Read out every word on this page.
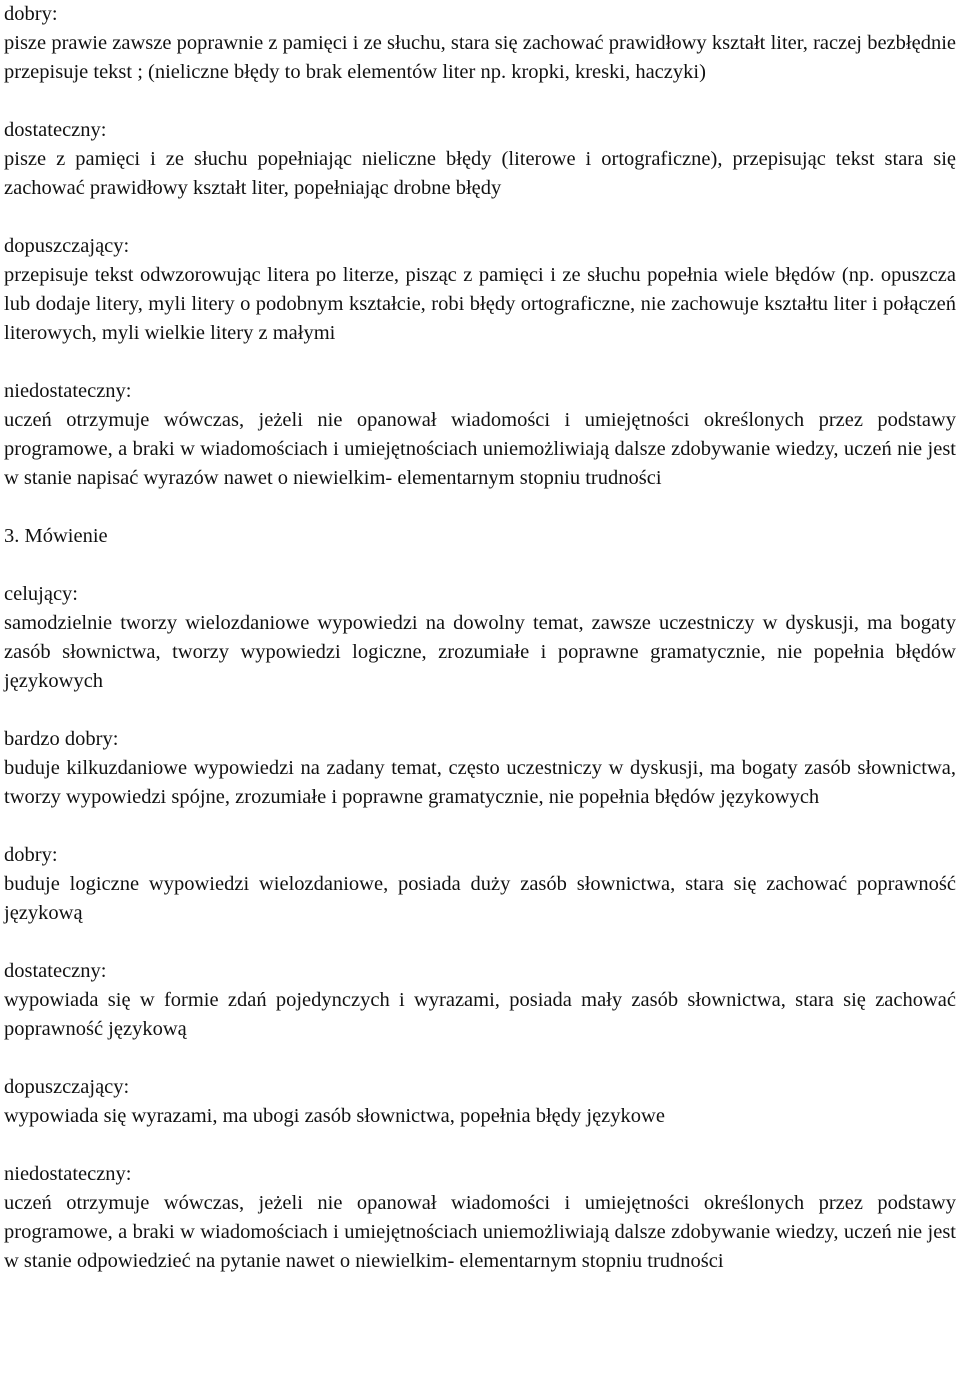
dobry:

pisze prawie zawsze poprawnie z pamięci i ze słuchu, stara się zachować prawidłowy kształt liter, raczej bezbłędnie przepisuje tekst ; (nieliczne błędy to brak elementów liter np. kropki, kreski, haczyki)

dostateczny:

pisze z pamięci i ze słuchu popełniając nieliczne błędy (literowe i ortograficzne), przepisując tekst stara się zachować prawidłowy kształt liter, popełniając drobne błędy

dopuszczający:

przepisuje tekst odwzorowując litera po literze, pisząc z pamięci i ze słuchu popełnia wiele błędów (np. opuszcza lub dodaje litery, myli litery o podobnym kształcie, robi błędy ortograficzne, nie zachowuje kształtu liter i połączeń literowych, myli wielkie litery z małymi

niedostateczny:

uczeń otrzymuje wówczas, jeżeli nie opanował wiadomości i umiejętności określonych przez podstawy programowe, a braki w wiadomościach i umiejętnościach uniemożliwiają dalsze zdobywanie wiedzy, uczeń nie jest w stanie napisać wyrazów nawet o niewielkim- elementarnym stopniu trudności

3. Mówienie

celujący:

samodzielnie tworzy wielozdaniowe wypowiedzi na dowolny temat, zawsze uczestniczy w dyskusji, ma bogaty zasób słownictwa, tworzy wypowiedzi logiczne, zrozumiałe i poprawne gramatycznie, nie popełnia błędów językowych

bardzo dobry:

buduje kilkuzdaniowe wypowiedzi na zadany temat, często uczestniczy w dyskusji, ma bogaty zasób słownictwa, tworzy wypowiedzi spójne, zrozumiałe i poprawne gramatycznie, nie popełnia błędów językowych

dobry:

buduje logiczne wypowiedzi wielozdaniowe, posiada duży zasób słownictwa, stara się zachować poprawność językową

dostateczny:

wypowiada się w formie zdań pojedynczych i wyrazami, posiada mały zasób słownictwa, stara się zachować poprawność językową

dopuszczający:

wypowiada się wyrazami, ma ubogi zasób słownictwa, popełnia błędy językowe

niedostateczny:

uczeń otrzymuje wówczas, jeżeli nie opanował wiadomości i umiejętności określonych przez podstawy programowe, a braki w wiadomościach i umiejętnościach uniemożliwiają dalsze zdobywanie wiedzy, uczeń nie jest w stanie odpowiedzieć na pytanie nawet o niewielkim- elementarnym stopniu trudności
